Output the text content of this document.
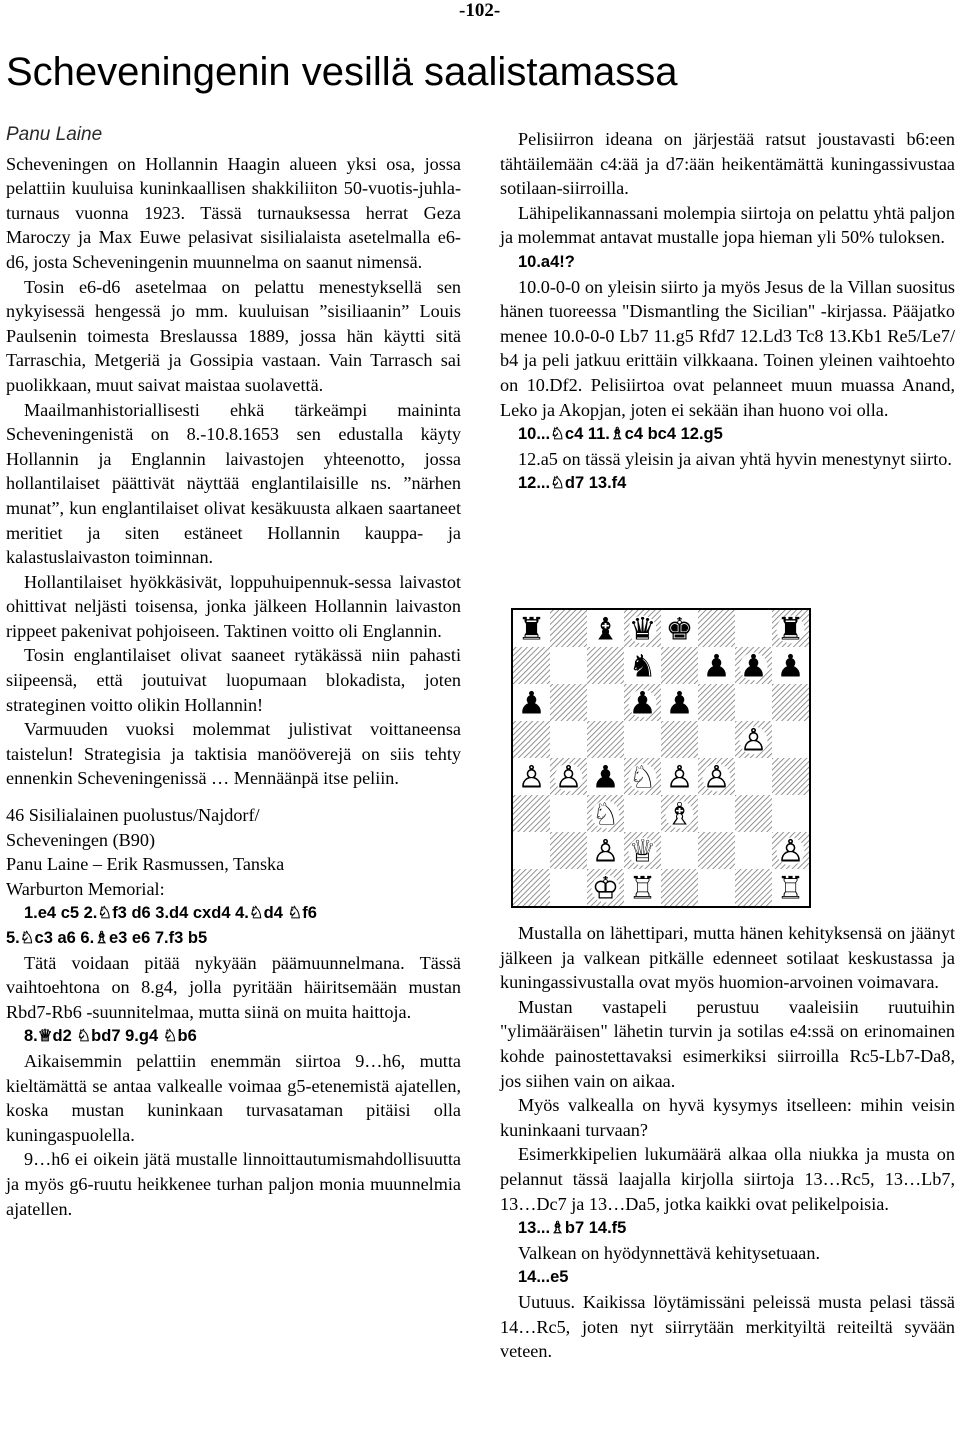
-102-
Scheveningenin vesillä saalistamassa

Panu Laine

Scheveningen on Hollannin Haagin alueen yksi osa, jossa pelattiin kuuluisa kuninkaallisen shakkiliiton 50-vuotis-juhla-turnaus vuonna 1923. Tässä turnauksessa herrat Geza Maroczy ja Max Euwe pelasivat sisilialaista asetelmalla e6-d6, josta Scheveningenin muunnelma on saanut nimensä.

Tosin e6-d6 asetelmaa on pelattu menestyksellä sen nykyisessä hengessä jo mm. kuuluisan ”sisiliaanin” Louis Paulsenin toimesta Breslaussa 1889, jossa hän käytti sitä Tarraschia, Metgeriä ja Gossipia vastaan. Vain Tarrasch sai puolikkaan, muut saivat maistaa suolavettä.

Maailmanhistoriallisesti ehkä tärkeämpi maininta Scheveningenistä on 8.-10.8.1653 sen edustalla käyty Hollannin ja Englannin laivastojen yhteenotto, jossa hollantilaiset päättivät näyttää englantilaisille ns. ”närhen munat”, kun englantilaiset olivat kesäkuusta alkaen saartaneet meritiet ja siten estäneet Hollannin kauppa- ja kalastuslaivaston toiminnan.

Hollantilaiset hyökkäsivät, loppuhuipennuk-sessa laivastot ohittivat neljästi toisensa, jonka jälkeen Hollannin laivaston rippeet pakenivat pohjoiseen. Taktinen voitto oli Englannin.

Tosin englantilaiset olivat saaneet rytäkässä niin pahasti siipeensä, että joutuivat luopumaan blokadista, joten strateginen voitto olikin Hollannin!

Varmuuden vuoksi molemmat julistivat voittaneensa taistelun! Strategisia ja taktisia manööverejä on siis tehty ennenkin Scheveningenissä … Mennäänpä itse peliin.

46 Sisilialainen puolustus/Najdorf/

Scheveningen (B90)

Panu Laine – Erik Rasmussen, Tanska

Warburton Memorial:

1.e4 c5 2.♘f3 d6 3.d4 cxd4 4.♘d4 ♘f6

5.♘c3 a6 6.♗e3 e6 7.f3 b5

Tätä voidaan pitää nykyään päämuunnelmana. Tässä vaihtoehtona on 8.g4, jolla pyritään häiritsemään mustan Rbd7-Rb6 -suunnitelmaa, mutta siinä on muita haittoja.

8.♕d2 ♘bd7 9.g4 ♘b6

Aikaisemmin pelattiin enemmän siirtoa 9…h6, mutta kieltämättä se antaa valkealle voimaa g5-etenemistä ajatellen, koska mustan kuninkaan turvasataman pitäisi olla kuningaspuolella.

9…h6 ei oikein jätä mustalle linnoittautumismahdollisuutta ja myös g6-ruutu heikkenee turhan paljon monia muunnelmia ajatellen.

Pelisiirron ideana on järjestää ratsut joustavasti b6:een tähtäilemään c4:ää ja d7:ään heikentämättä kuningassivustaa sotilaan-siirroilla.

Lähipelikannassani molempia siirtoja on pelattu yhtä paljon ja molemmat antavat mustalle jopa hieman yli 50% tuloksen.

10.a4!?

10.0-0-0 on yleisin siirto ja myös Jesus de la Villan suositus hänen tuoreessa "Dismantling the Sicilian" -kirjassa. Pääjatko menee 10.0-0-0 Lb7 11.g5 Rfd7 12.Ld3 Tc8 13.Kb1 Re5/Le7/ b4 ja peli jatkuu erittäin vilkkaana. Toinen yleinen vaihtoehto on 10.Df2. Pelisiirtoa ovat pelanneet muun muassa Anand, Leko ja Akopjan, joten ei sekään ihan huono voi olla.

10...♘c4 11.♗c4 bc4 12.g5

12.a5 on tässä yleisin ja aivan yhtä hyvin menestynyt siirto.

12...♘d7 13.f4

♜ ♝ ♛ ♚	♜
♞ ♟ ♟ ♟
♟	♟ ♟
♙
♙ ♙ ♟ ♘ ♙ ♙
♘ ♗
♙ ♕	♙
♔ ♖	♖

Mustalla on lähettipari, mutta hänen kehityksensä on jäänyt jälkeen ja valkean pitkälle edenneet sotilaat keskustassa ja kuningassivustalla ovat myös huomion-arvoinen voimavara.

Mustan vastapeli perustuu vaaleisiin ruutuihin "ylimääräisen" lähetin turvin ja sotilas e4:ssä on erinomainen kohde painostettavaksi esimerkiksi siirroilla Rc5-Lb7-Da8, jos siihen vain on aikaa.

Myös valkealla on hyvä kysymys itselleen: mihin veisin kuninkaani turvaan?

Esimerkkipelien lukumäärä alkaa olla niukka ja musta on pelannut tässä laajalla kirjolla siirtoja 13…Rc5, 13…Lb7, 13…Dc7 ja 13…Da5, jotka kaikki ovat pelikelpoisia.

13...♗b7 14.f5

Valkean on hyödynnettävä kehitysetuaan.

14...e5

Uutuus. Kaikissa löytämissäni peleissä musta pelasi tässä 14…Rc5, joten nyt siirrytään merkityiltä reiteiltä syvään veteen.
